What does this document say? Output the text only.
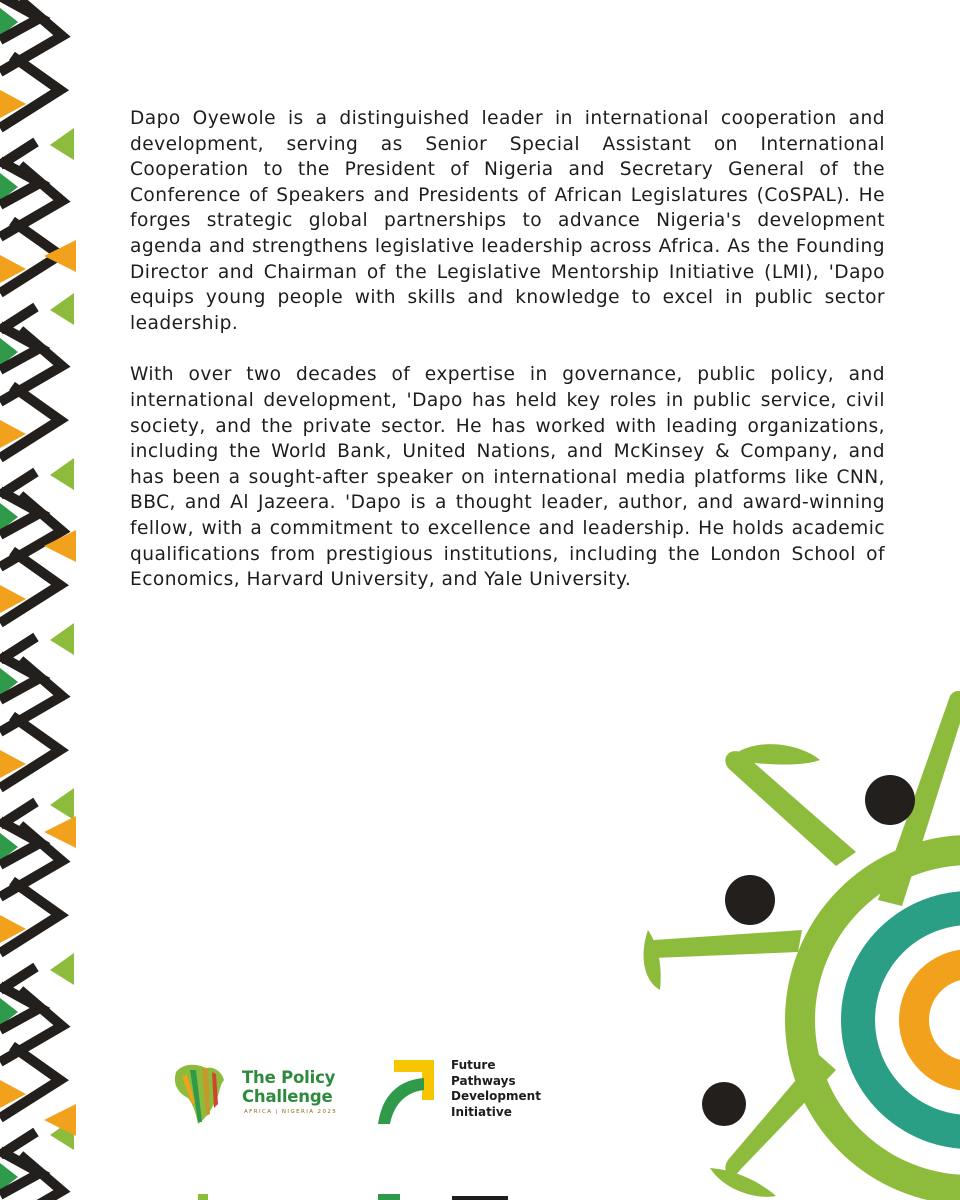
Dapo Oyewole is a distinguished leader in international cooperation and development, serving as Senior Special Assistant on International Cooperation to the President of Nigeria and Secretary General of the Conference of Speakers and Presidents of African Legislatures (CoSPAL). He forges strategic global partnerships to advance Nigeria's development agenda and strengthens legislative leadership across Africa. As the Founding Director and Chairman of the Legislative Mentorship Initiative (LMI), 'Dapo equips young people with skills and knowledge to excel in public sector leadership.

With over two decades of expertise in governance, public policy, and international development, 'Dapo has held key roles in public service, civil society, and the private sector. He has worked with leading organizations, including the World Bank, United Nations, and McKinsey & Company, and has been a sought-after speaker on international media platforms like CNN, BBC, and Al Jazeera. 'Dapo is a thought leader, author, and award-winning fellow, with a commitment to excellence and leadership. He holds academic qualifications from prestigious institutions, including the London School of Economics, Harvard University, and Yale University.

The Policy
Challenge
AFRICA | NIGERIA 2025
Future
Pathways
Development
Initiative
